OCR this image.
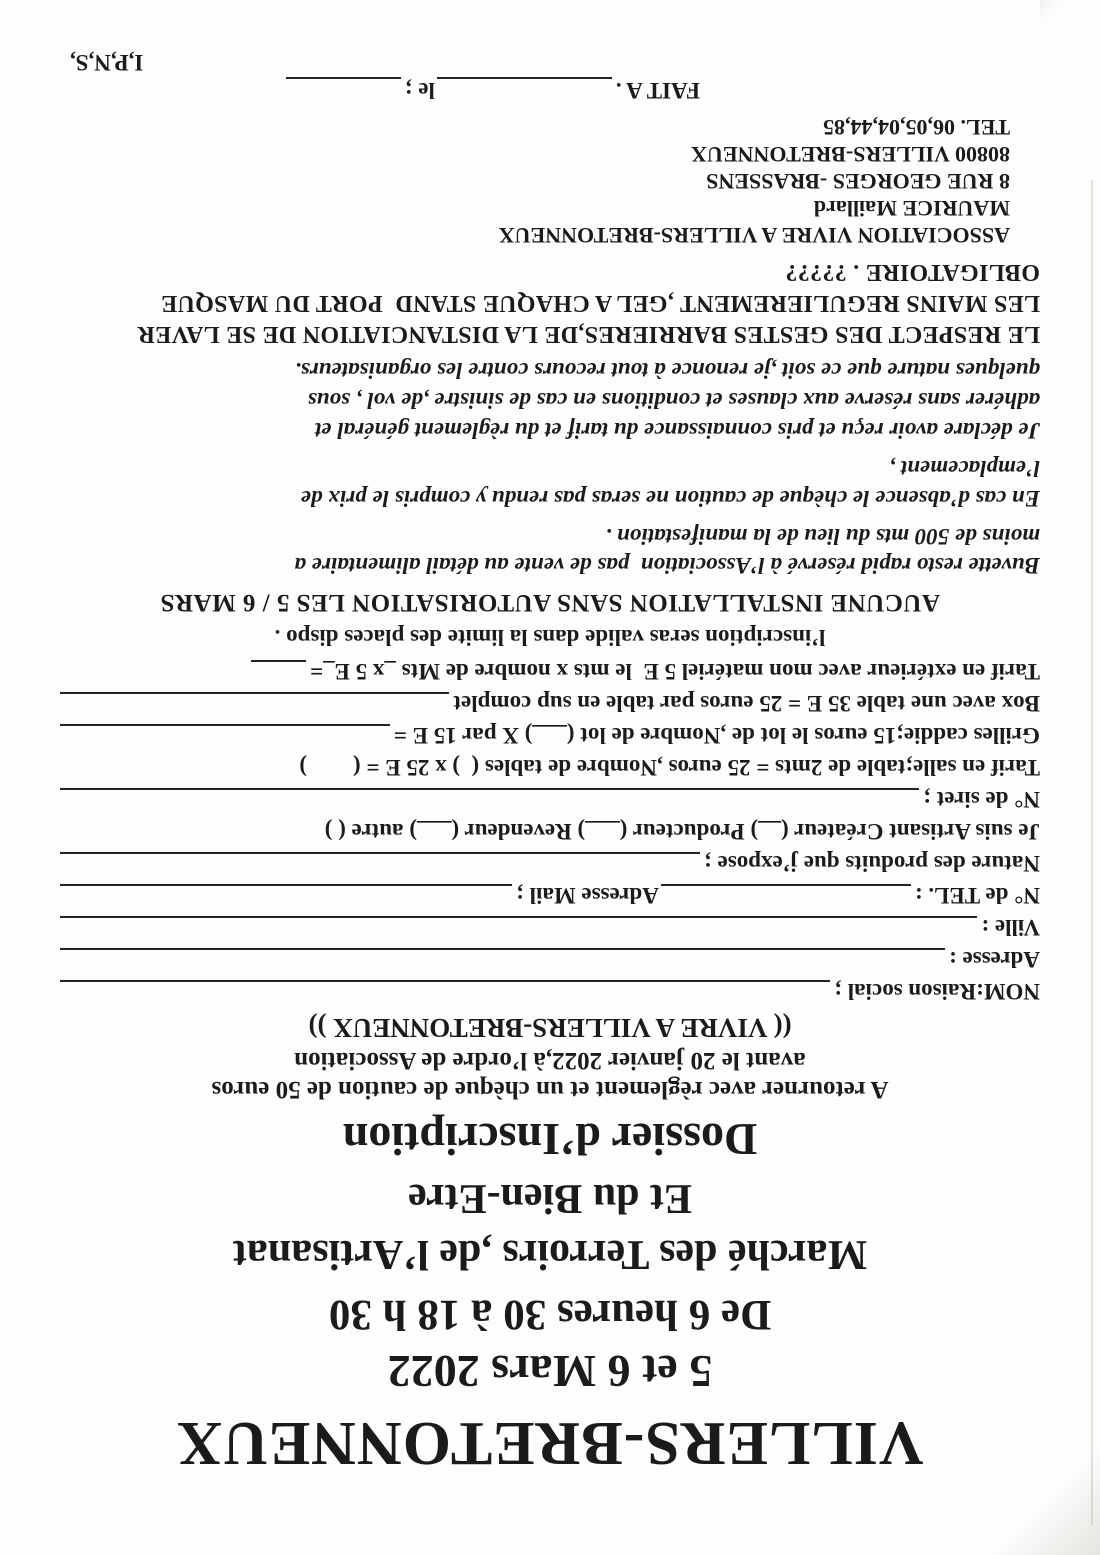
VILLERS-BRETONNEUX
5 et 6 Mars 2022
De 6 heures 30 à 18 h 30
Marché des Terroirs ,de l’Artisanat
Et du Bien-Etre
Dossier d’Inscription
A retourner avec règlement et un chèque de caution de 50 euros
avant le 20 janvier 2022,à l’ordre de Association
(( VIVRE A VILLERS-BRETONNEUX ))
NOM:Raison social ;
Adresse :
Ville :
N° de TEL. :
Adresse Mail ;
Nature des produits que j’expose ;
Je suis Artisant Créateur (__) Producteur (___) Revendeur (___) autre ( )
N° de siret ;
Tarif en salle;table de 2mts = 25 euros ,Nombre de tables (  ) x 25 E = (        )
Grilles caddie;15 euros le lot de ,Nombre de lot (___) X par 15 E =
Box avec une table 35 E = 25 euros par table en sup complet
Tarif en extérieur avec mon matériel 5 E  le mts x nombre de Mts _x 5 E_=
l’inscription seras valide dans la limite des places dispo .
AUCUNE INSTALLATION SANS AUTORISATION LES 5 / 6 MARS
Buvette resto rapid réservé à l’Association  pas de vente au détail alimentaire a
moins de 500 mts du lieu de la manifestation .
En cas d’absence le chèque de caution ne seras pas rendu y compris le prix de
l’emplacement ,
Je déclare avoir reçu et pris connaissance du tarif et du règlement général et
adhérer sans réserve aux clauses et conditions en cas de sinistre ,de vol , sous
quelques nature que ce soit ,je renonce à tout recours contre les organisateurs.
LE RESPECT DES GESTES BARRIERES,DE LA DISTANCIATION DE SE LAVER
LES MAINS REGULIEREMENT ,GEL A CHAQUE STAND  PORT DU MASQUE
OBLIGATOIRE . ?????
ASSOCIATION VIVRE A VILLERS-BRETONNEUX
MAURICE Maillard
8 RUE GEORGES -BRASSENS
80800 VILLERS-BRETONNEUX
TEL. 06,05,04,44,85
FAIT A .
le ;
I,P,N,S,
